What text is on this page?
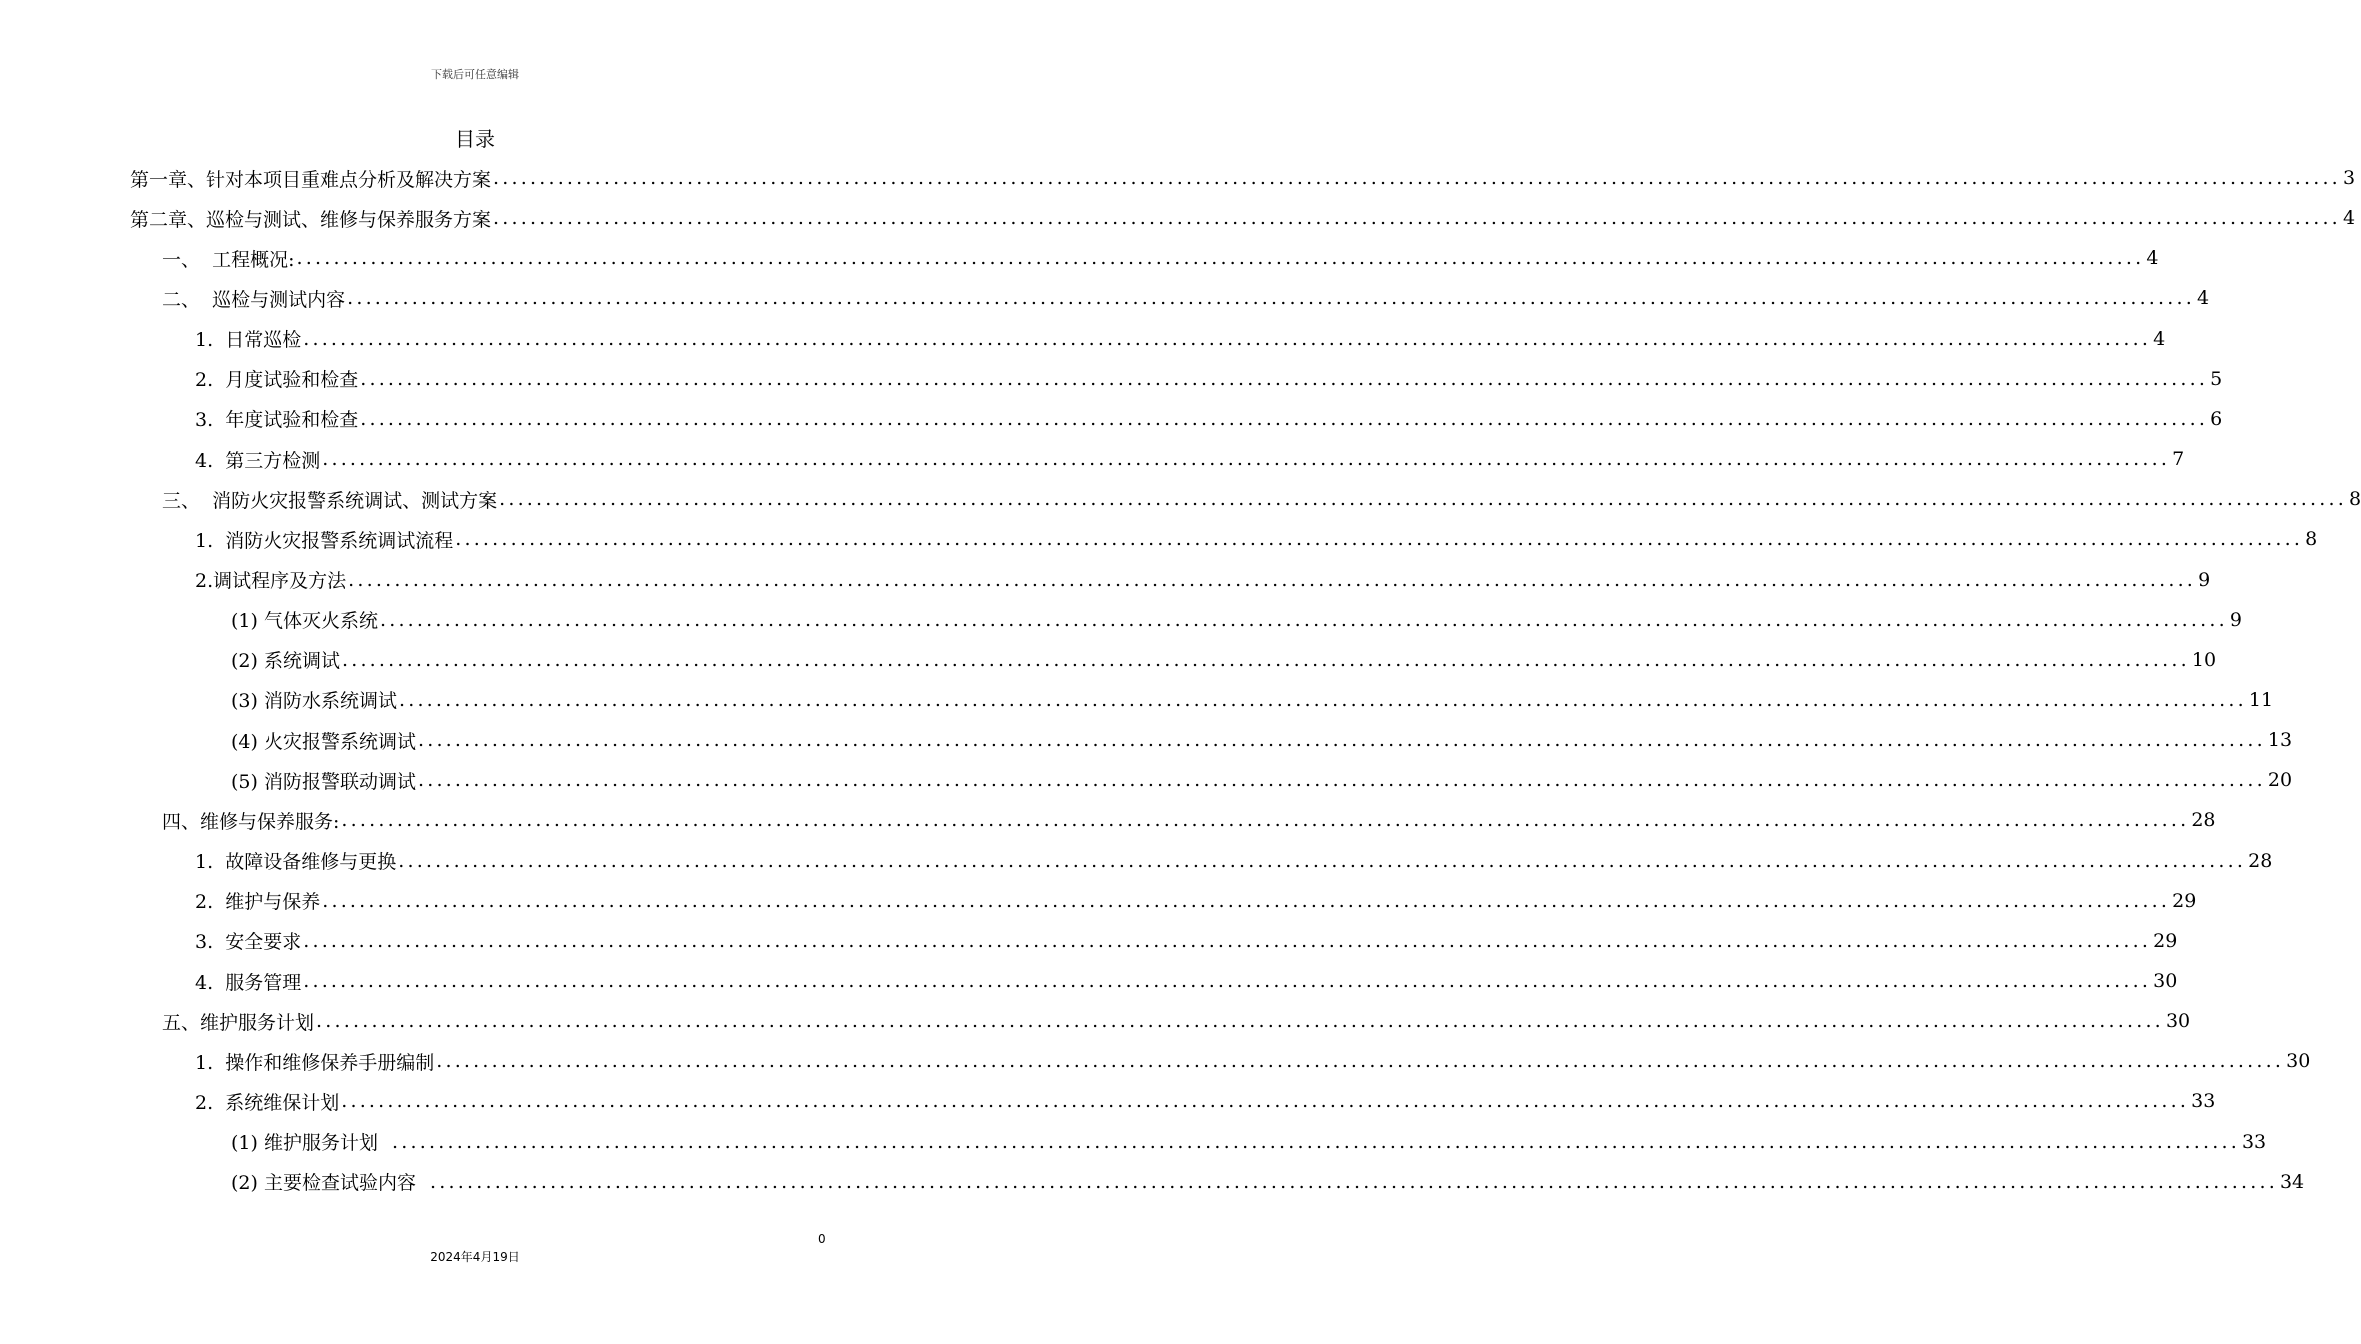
下载后可任意编辑
目录
第一章、针对本项目重难点分析及解决方案 ........................................................................................................................................................................................................ 3
第二章、巡检与测试、维修与保养服务方案 ........................................................................................................................................................................................................ 4
一、  工程概况: ........................................................................................................................................................................................................ 4
二、  巡检与测试内容 ........................................................................................................................................................................................................ 4
1.  日常巡检 ........................................................................................................................................................................................................ 4
2.  月度试验和检查 ........................................................................................................................................................................................................ 5
3.  年度试验和检查 ........................................................................................................................................................................................................ 6
4.  第三方检测 ........................................................................................................................................................................................................ 7
三、  消防火灾报警系统调试、测试方案 ........................................................................................................................................................................................................ 8
1.  消防火灾报警系统调试流程 ........................................................................................................................................................................................................ 8
2.调试程序及方法 ........................................................................................................................................................................................................ 9
(1) 气体灭火系统 ........................................................................................................................................................................................................ 9
(2) 系统调试 ........................................................................................................................................................................................................ 10
(3) 消防水系统调试 ........................................................................................................................................................................................................ 11
(4) 火灾报警系统调试 ........................................................................................................................................................................................................ 13
(5) 消防报警联动调试 ........................................................................................................................................................................................................ 20
四、维修与保养服务: ........................................................................................................................................................................................................ 28
1.  故障设备维修与更换 ........................................................................................................................................................................................................ 28
2.  维护与保养 ........................................................................................................................................................................................................ 29
3.  安全要求 ........................................................................................................................................................................................................ 29
4.  服务管理 ........................................................................................................................................................................................................ 30
五、维护服务计划 ........................................................................................................................................................................................................ 30
1.  操作和维修保养手册编制 ........................................................................................................................................................................................................ 30
2.  系统维保计划 ........................................................................................................................................................................................................ 33
(1) 维护服务计划 ........................................................................................................................................................................................................ 33
(2) 主要检查试验内容 ........................................................................................................................................................................................................ 34
0
2024年4月19日
